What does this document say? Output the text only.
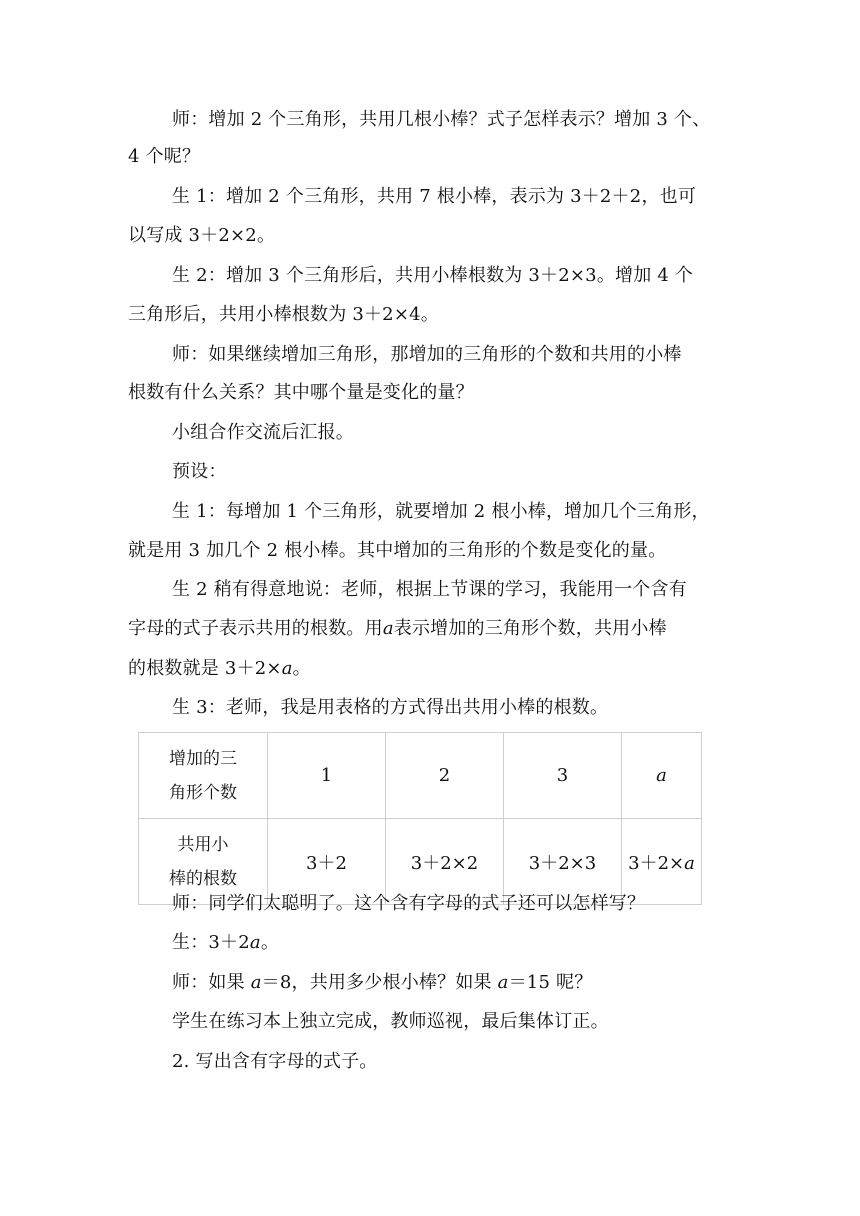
师：增加 2 个三角形，共用几根小棒？式子怎样表示？增加 3 个、
4 个呢？
生 1：增加 2 个三角形，共用 7 根小棒，表示为 3＋2＋2，也可
以写成 3＋2×2。
生 2：增加 3 个三角形后，共用小棒根数为 3＋2×3。增加 4 个
三角形后，共用小棒根数为 3＋2×4。
师：如果继续增加三角形，那增加的三角形的个数和共用的小棒
根数有什么关系？其中哪个量是变化的量？
小组合作交流后汇报。
预设：
生 1：每增加 1 个三角形，就要增加 2 根小棒，增加几个三角形，
就是用 3 加几个 2 根小棒。其中增加的三角形的个数是变化的量。
生 2 稍有得意地说：老师，根据上节课的学习，我能用一个含有
字母的式子表示共用的根数。用a表示增加的三角形个数，共用小棒
的根数就是 3＋2×a。
生 3：老师，我是用表格的方式得出共用小棒的根数。
增加的三
角形个数	1	2	3	a

共用小
棒的根数	3＋2	3＋2×2	3＋2×3	3＋2×a
师：同学们太聪明了。这个含有字母的式子还可以怎样写？
生：3＋2a。
师：如果 a＝8，共用多少根小棒？如果 a＝15 呢？
学生在练习本上独立完成，教师巡视，最后集体订正。
2. 写出含有字母的式子。
